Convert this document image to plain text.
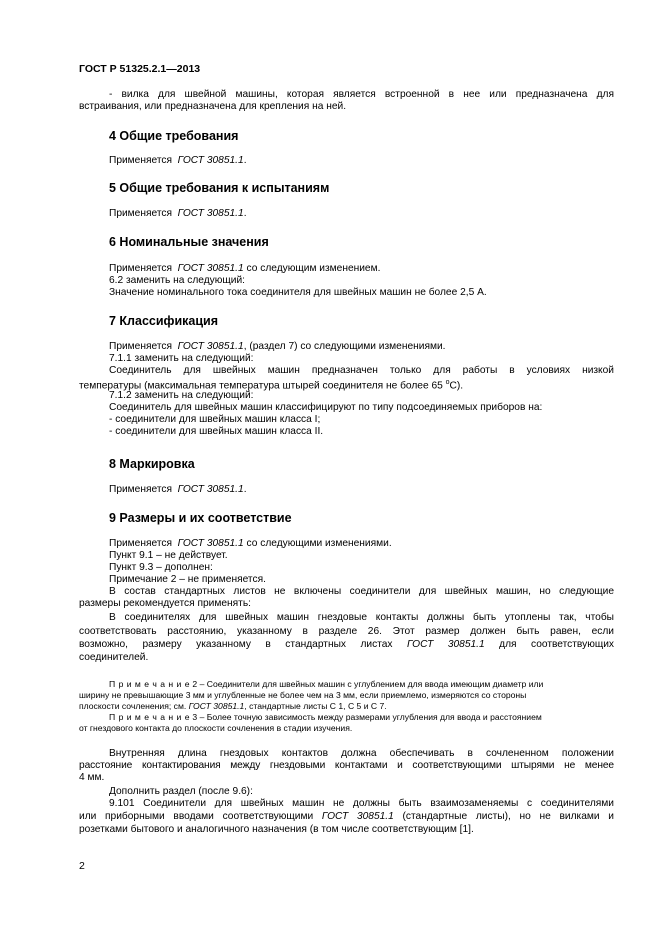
ГОСТ Р 51325.2.1—2013

- вилка для швейной машины, которая является встроенной в нее или предназначена для

встраивания, или предназначена для крепления на ней.

4 Общие требования

Применяется ГОСТ 30851.1.

5 Общие требования к испытаниям

Применяется ГОСТ 30851.1.

6 Номинальные значения

Применяется ГОСТ 30851.1 со следующим изменением.

6.2 заменить на следующий:

Значение номинального тока соединителя для швейных машин не более 2,5 А.

7 Классификация

Применяется ГОСТ 30851.1, (раздел 7) со следующими изменениями.

7.1.1 заменить на следующий:

Соединитель для швейных машин предназначен только для работы в условиях низкой

температуры (максимальная температура штырей соединителя не более 65 $^о$С).

7.1.2 заменить на следующий:

Соединитель для швейных машин классифицируют по типу подсоединяемых приборов на:

- соединители для швейных машин класса I;

- соединители для швейных машин класса II.

8 Маркировка

Применяется ГОСТ 30851.1.

9 Размеры и их соответствие

Применяется ГОСТ 30851.1 со следующими изменениями.

Пункт 9.1 – не действует.

Пункт 9.3 – дополнен:

Примечание 2 – не применяется.

В состав стандартных листов не включены соединители для швейных машин, но следующие

размеры рекомендуется применять:

В соединителях для швейных машин гнездовые контакты должны быть утоплены так, чтобы

соответствовать расстоянию, указанному в разделе 26. Этот размер должен быть равен, если

возможно, размеру указанному в стандартных листах ГОСТ 30851.1 для соответствующих

соединителей.

П р и м е ч а н и е 2 – Соединители для швейных машин с углублением для ввода имеющим диаметр или

ширину не превышающие 3 мм и углубленные не более чем на 3 мм, если приемлемо, измеряются со стороны

плоскости сочленения; см. ГОСТ 30851.1, стандартные листы С 1, С 5 и С 7.

П р и м е ч а н и е 3 – Более точную зависимость между размерами углубления для ввода и расстоянием

от гнездового контакта до плоскости сочленения в стадии изучения.

Внутренняя длина гнездовых контактов должна обеспечивать в сочлененном положении

расстояние контактирования между гнездовыми контактами и соответствующими штырями не менее

4 мм.

Дополнить раздел (после 9.6):

9.101 Соединители для швейных машин не должны быть взаимозаменяемы с соединителями

или приборными вводами соответствующими ГОСТ 30851.1 (стандартные листы), но не вилками и

розетками бытового и аналогичного назначения (в том числе соответствующим [1].

2
